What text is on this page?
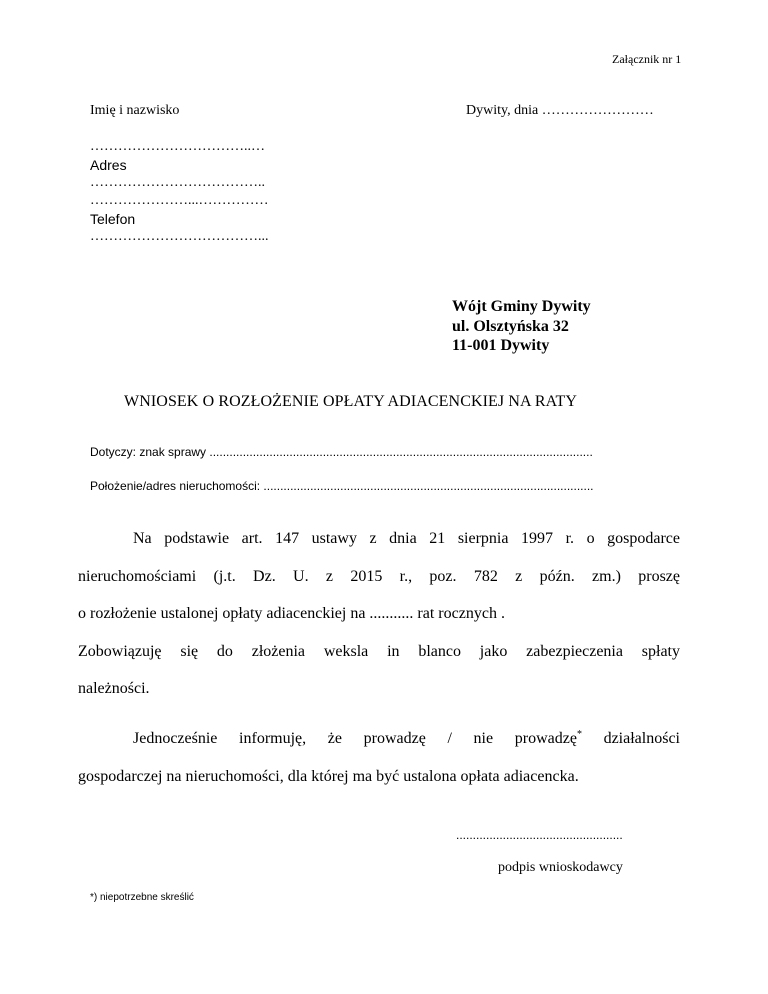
Załącznik nr 1
Imię i nazwisko
……………………………..…
Adres
………………………………..
…………………...……………
Telefon
………………………………...
Dywity, dnia ……………………
Wójt Gminy Dywity
ul. Olsztyńska 32
11-001 Dywity
WNIOSEK O ROZŁOŻENIE OPŁATY ADIACENCKIEJ NA RATY
Dotyczy: znak sprawy ...................................................................................................................
Położenie/adres nieruchomości: ...................................................................................................
Na podstawie art. 147 ustawy z dnia 21 sierpnia 1997 r. o gospodarce
nieruchomościami (j.t. Dz. U. z 2015 r., poz. 782 z późn. zm.) proszę
o rozłożenie ustalonej opłaty adiacenckiej na ........... rat rocznych .
Zobowiązuję się do złożenia weksla in blanco jako zabezpieczenia spłaty
należności.
Jednocześnie informuję, że prowadzę / nie prowadzę* działalności
gospodarczej na nieruchomości, dla której ma być ustalona opłata adiacencka.
..................................................
podpis wnioskodawcy
*) niepotrzebne skreślić
